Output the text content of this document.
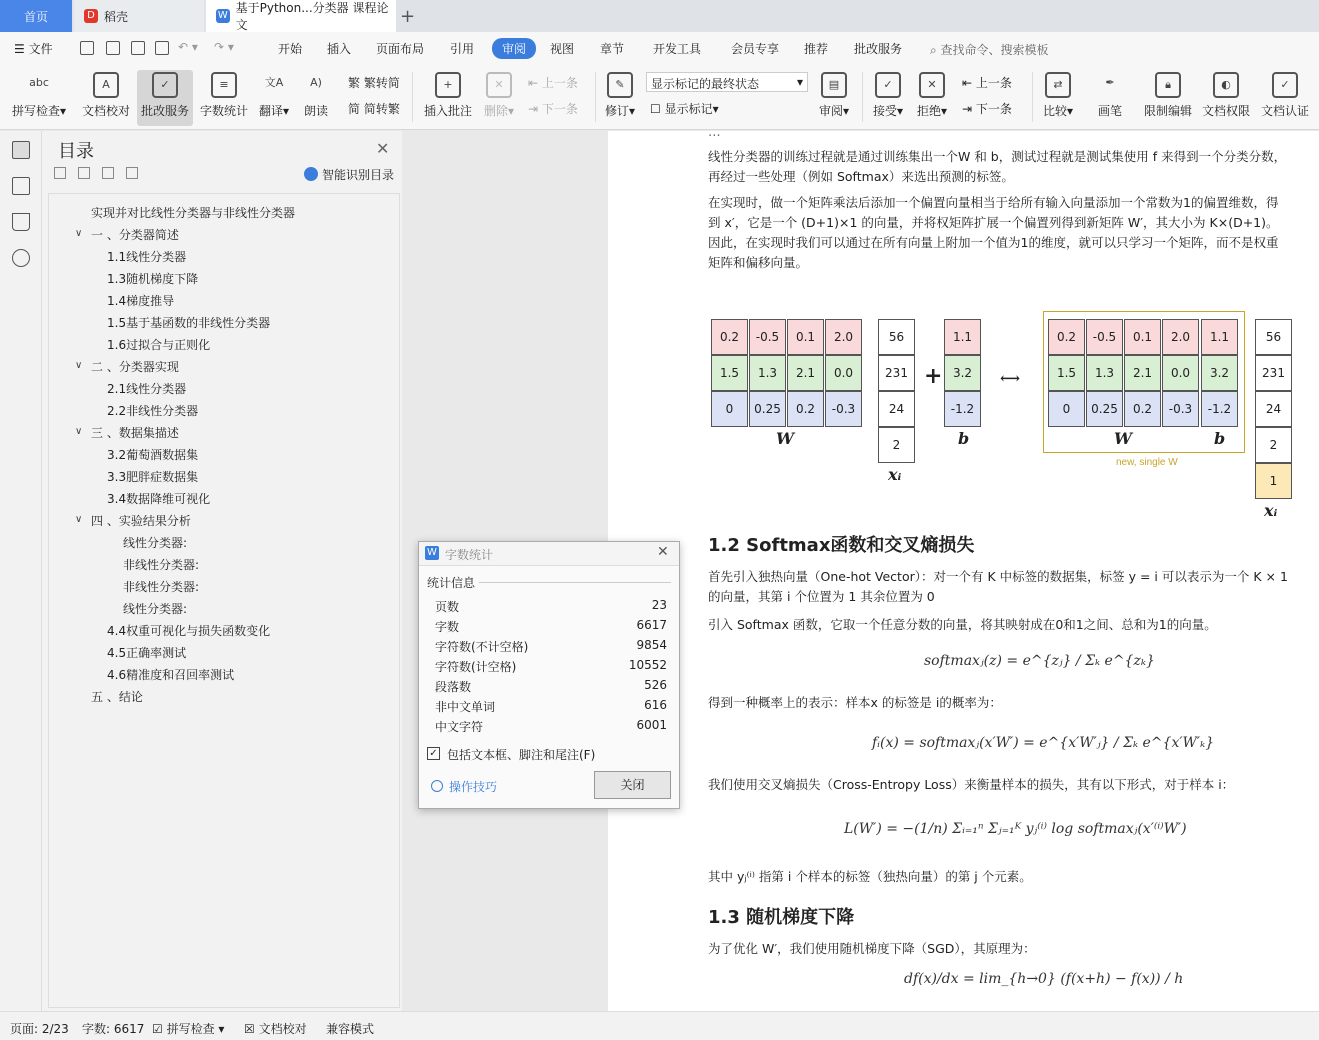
首页	D 稻壳	W
基于Python...分类器 课程论文	+
☰ 文件	↶ ▾ ↷ ▾	开始 插入 页面布局 引用	审阅	视图 章节 开发工具 会员专享 推荐 批改服务 ⌕ 查找命令、搜索模板
abc
拼写检查▾
A
文档校对
✓
批改服务
≡
字数统计
文A
翻译▾
A)
朗读
繁 繁转简
简 简转繁
+
插入批注
✕
删除▾
⇤ 上一条
⇥ 下一条
✎
修订▾
显示标记的最终状态	▾
☐ 显示标记▾
▤
审阅▾
✓
接受▾
✕
拒绝▾
⇤ 上一条
⇥ 下一条
⇄
比较▾
✒
画笔
🔒︎
限制编辑
◐
文档权限
✓
文档认证
目录	✕
智能识别目录
实现并对比线性分类器与非线性分类器
∨ 一 、分类器简述
1.1线性分类器
1.3随机梯度下降
1.4梯度推导
1.5基于基函数的非线性分类器
1.6过拟合与正则化
∨ 二 、分类器实现
2.1线性分类器
2.2非线性分类器
∨ 三 、数据集描述
3.2葡萄酒数据集
3.3肥胖症数据集
3.4数据降维可视化
∨ 四 、实验结果分析
线性分类器:
非线性分类器:
非线性分类器:
线性分类器:
4.4权重可视化与损失函数变化
4.5正确率测试
4.6精准度和召回率测试
五 、结论
⋯
线性分类器的训练过程就是通过训练集出一个W 和 b，测试过程就是测试集使用 f 来得到一个分类分数，再经过一些处理（例如 Softmax）来选出预测的标签。
在实现时，做一个矩阵乘法后添加一个偏置向量相当于给所有输入向量添加一个常数为1的偏置维数，得到 x′，它是一个 (D+1)×1 的向量，并将权矩阵扩展一个偏置列得到新矩阵 W′，其大小为 K×(D+1)。因此，在实现时我们可以通过在所有向量上附加一个值为1的维度，就可以只学习一个矩阵，而不是权重矩阵和偏移向量。
1.2 Softmax函数和交叉熵损失
首先引入独热向量（One-hot Vector）：对一个有 K 中标签的数据集，标签 y = i 可以表示为一个 K × 1 的向量，其第 i 个位置为 1 其余位置为 0
引入 Softmax 函数，它取一个任意分数的向量，将其映射成在0和1之间、总和为1的向量。
softmaxⱼ(z) = e^{zⱼ} / Σₖ e^{zₖ}
得到一种概率上的表示：样本x 的标签是 i的概率为：
fᵢ(x) = softmaxⱼ(x′W′) = e^{x′W′ⱼ} / Σₖ e^{x′W′ₖ}
我们使用交叉熵损失（Cross-Entropy Loss）来衡量样本的损失，其有以下形式，对于样本 i：
L(W′) = −(1/n) Σᵢ₌₁ⁿ Σⱼ₌₁ᴷ yⱼ⁽ⁱ⁾ log softmaxⱼ(x′⁽ⁱ⁾W′)
其中 yⱼ⁽ⁱ⁾ 指第 i 个样本的标签（独热向量）的第 j 个元素。
1.3 随机梯度下降
为了优化 W′，我们使用随机梯度下降（SGD），其原理为：
df(x)/dx = lim_{h→0} (f(x+h) − f(x)) / h
0.2	-0.5	0.1	2.0
1.5	1.3	2.1	0.0
0	0.25	0.2	-0.3
W
56
231
24
2
xᵢ
+
1.1
3.2
-1.2
b
⟷
0.2	-0.5	0.1	2.0
1.5	1.3	2.1	0.0
0	0.25	0.2	-0.3
1.1
3.2
-1.2
W	b
new, single W
56
231
24
2
1
xᵢ
W 字数统计	✕
统计信息
页数	23
字数	6617
字符数(不计空格)	9854
字符数(计空格)	10552
段落数	526
非中文单词	616
中文字符	6001
✓ 包括文本框、脚注和尾注(F)
操作技巧	关闭
页面: 2/23 字数: 6617 ☑ 拼写检查 ▾ ☒ 文档校对 兼容模式
